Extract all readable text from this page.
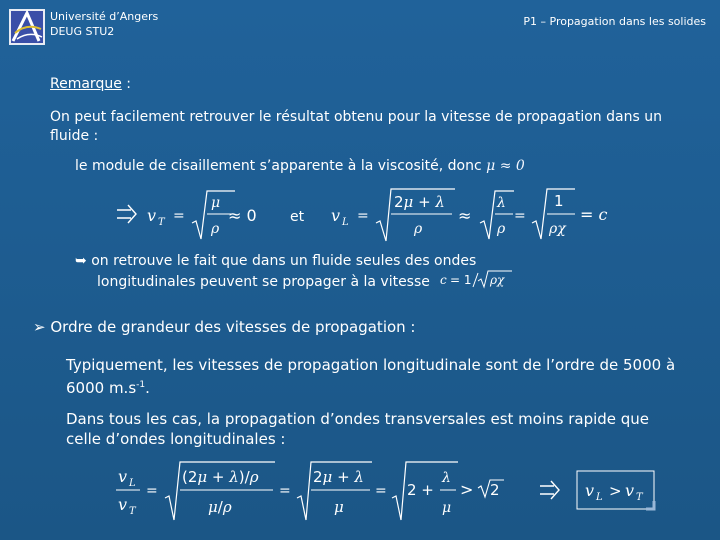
Université d’Angers
DEUG STU2
P1 – Propagation dans les solides
Remarque :
On peut facilement retrouver le résultat obtenu pour la vitesse de propagation dans un fluide :
le module de cisaillement s’apparente à la viscosité, donc μ ≈ 0
v T =
μ
ρ
≈ 0 et v L =
2μ + λ
ρ
≈
λ
ρ
=
1
ρχ
= c
➥ on retrouve le fait que dans un fluide seules des ondes
longitudinales peuvent se propager à la vitesse c = 1 ρχ
➢ Ordre de grandeur des vitesses de propagation :
Typiquement, les vitesses de propagation longitudinale sont de l’ordre de 5000 à 6000 $m.s^{-1}$.
Dans tous les cas, la propagation d’ondes transversales est moins rapide que celle d’ondes longitudinales :
v L
v T
=
(2μ + λ)/ρ
μ/ρ
=
2μ + λ
μ
= 2 +
λ
μ
> 2	v L > v T
